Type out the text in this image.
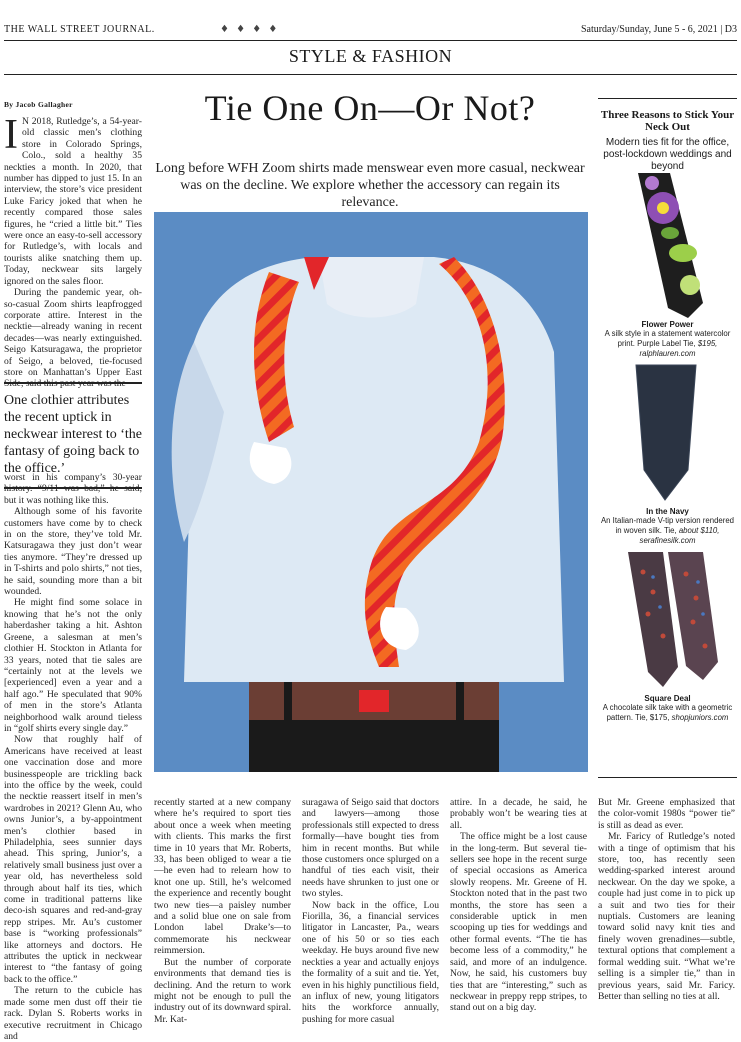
THE WALL STREET JOURNAL.	♦ ♦ ♦ ♦	Saturday/Sunday, June 5 - 6, 2021 | D3
STYLE & FASHION
By Jacob Gallagher

I N 2018, Rutledge’s, a 54-year-old classic men’s clothing store in Colorado Springs, Colo., sold a healthy 35 neckties a month. In 2020, that number has dipped to just 15. In an interview, the store’s vice president Luke Faricy joked that when he recently compared those sales figures, he “cried a little bit.” Ties were once an easy-to-sell accessory for Rutledge’s, with locals and tourists alike snatching them up. Today, neckwear sits largely ignored on the sales floor.

During the pandemic year, oh-so-casual Zoom shirts leapfrogged corporate attire. Interest in the necktie—already waning in recent decades—was nearly extinguished. Seigo Katsuragawa, the proprietor of Seigo, a beloved, tie-focused store on Manhattan’s Upper East Side, said this past year was the

One clothier attributes the recent uptick in neckwear interest to ‘the fantasy of going back to the office.’

worst in his company’s 30-year history. “9/11 was bad,” he said, but it was nothing like this.

Although some of his favorite customers have come by to check in on the store, they’ve told Mr. Katsuragawa they just don’t wear ties anymore. “They’re dressed up in T-shirts and polo shirts,” not ties, he said, sounding more than a bit wounded.

He might find some solace in knowing that he’s not the only haberdasher taking a hit. Ashton Greene, a salesman at men’s clothier H. Stockton in Atlanta for 33 years, noted that tie sales are “certainly not at the levels we [experienced] even a year and a half ago.” He speculated that 90% of men in the store’s Atlanta neighborhood walk around tieless in “golf shirts every single day.”

Now that roughly half of Americans have received at least one vaccination dose and more businesspeople are trickling back into the office by the week, could the necktie reassert itself in men’s wardrobes in 2021? Glenn Au, who owns Junior’s, a by-appointment men’s clothier based in Philadelphia, sees sunnier days ahead. This spring, Junior’s, a relatively small business just over a year old, has nevertheless sold through about half its ties, which come in traditional patterns like deco-ish squares and red-and-gray repp stripes. Mr. Au’s customer base is “working professionals” like attorneys and doctors. He attributes the uptick in neckwear interest to “the fantasy of going back to the office.”

The return to the cubicle has made some men dust off their tie rack. Dylan S. Roberts works in executive recruitment in Chicago and

Tie One On—Or Not?
Long before WFH Zoom shirts made menswear even more casual, neckwear was on the decline. We explore whether the accessory can regain its relevance.

recently started at a new company where he’s required to sport ties about once a week when meeting with clients. This marks the first time in 10 years that Mr. Roberts, 33, has been obliged to wear a tie—he even had to relearn how to knot one up. Still, he’s welcomed the experience and recently bought two new ties—a paisley number and a solid blue one on sale from London label Drake’s—to commemorate his neckwear reimmersion.

But the number of corporate environments that demand ties is declining. And the return to work might not be enough to pull the industry out of its downward spiral. Mr. Kat-

suragawa of Seigo said that doctors and lawyers—among those professionals still expected to dress formally—have bought ties from him in recent months. But while those customers once splurged on a handful of ties each visit, their needs have shrunken to just one or two styles.

Now back in the office, Lou Fiorilla, 36, a financial services litigator in Lancaster, Pa., wears one of his 50 or so ties each weekday. He buys around five new neckties a year and actually enjoys the formality of a suit and tie. Yet, even in his highly punctilious field, an influx of new, young litigators hits the workforce annually, pushing for more casual

attire. In a decade, he said, he probably won’t be wearing ties at all.

The office might be a lost cause in the long-term. But several tie-sellers see hope in the recent surge of special occasions as America slowly reopens. Mr. Greene of H. Stockton noted that in the past two months, the store has seen a considerable uptick in men scooping up ties for weddings and other formal events. “The tie has become less of a commodity,” he said, and more of an indulgence. Now, he said, his customers buy ties that are “interesting,” such as neckwear in preppy repp stripes, to stand out on a big day.

But Mr. Greene emphasized that the color-vomit 1980s “power tie” is still as dead as ever.

Mr. Faricy of Rutledge’s noted with a tinge of optimism that his store, too, has recently seen wedding-sparked interest around neckwear. On the day we spoke, a couple had just come in to pick up a suit and two ties for their nuptials. Customers are leaning toward solid navy knit ties and finely woven grenadines—subtle, textural options that complement a formal wedding suit. “What we’re selling is a simpler tie,” than in previous years, said Mr. Faricy. Better than selling no ties at all.

Three Reasons to Stick Your Neck Out
Modern ties fit for the office, post-lockdown weddings and beyond
Flower Power
A silk style in a statement watercolor print. Purple Label Tie, $195, ralphlauren.com
In the Navy
An Italian-made V-tip version rendered in woven silk. Tie, about $110, serafinesilk.com
Square Deal
A chocolate silk take with a geometric pattern. Tie, $175, shopjuniors.com
